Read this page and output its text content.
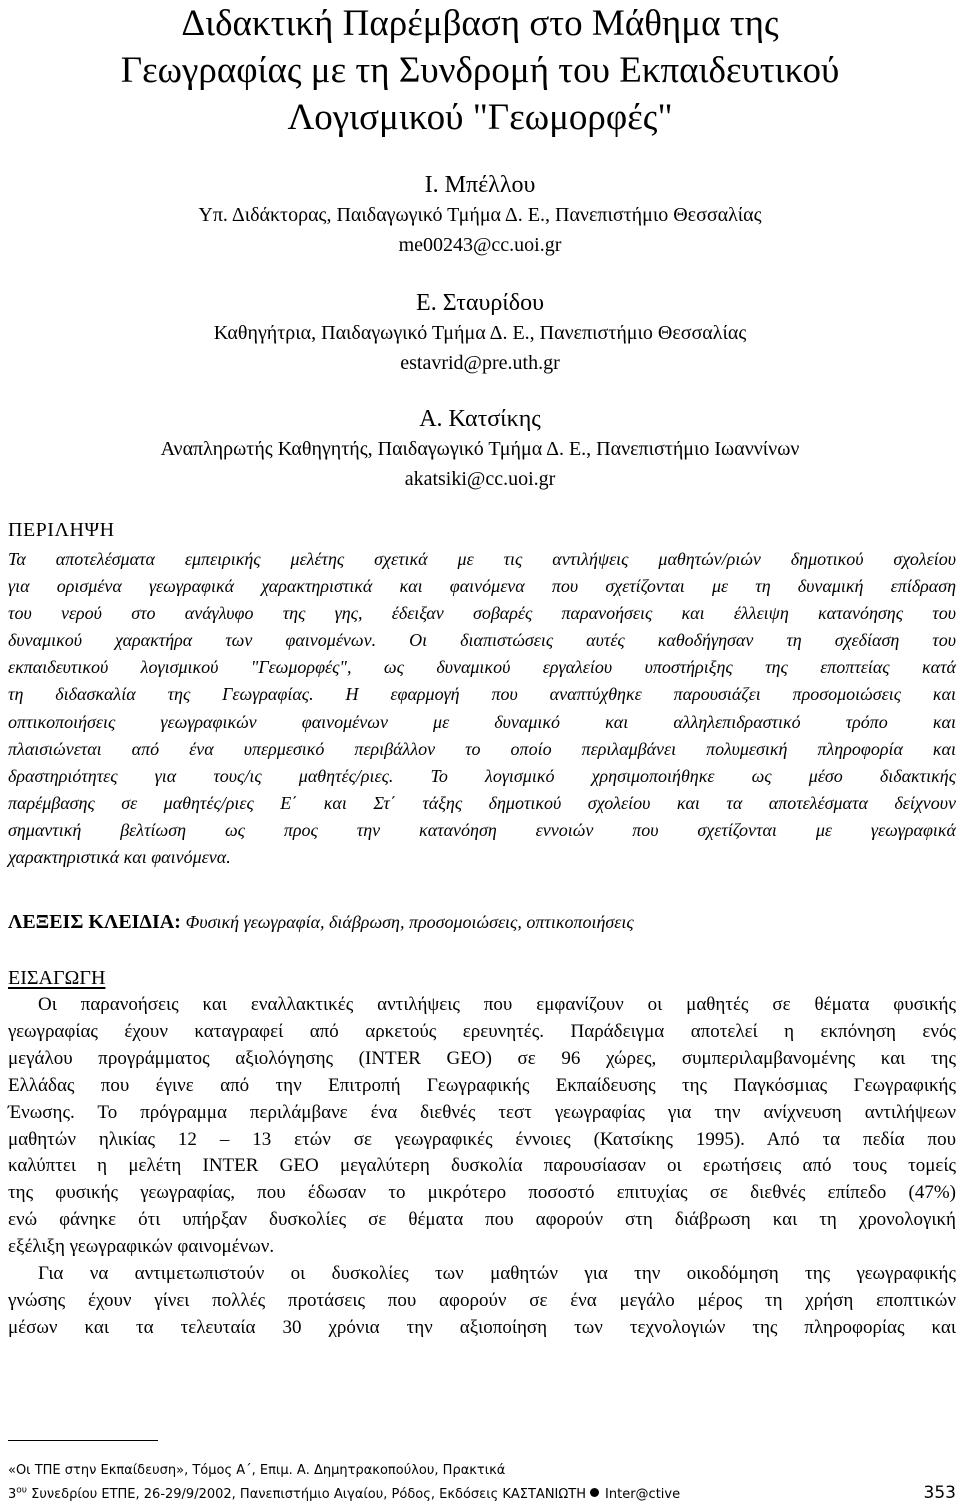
Διδακτική Παρέμβαση στο Μάθημα της
Γεωγραφίας με τη Συνδρομή του Εκπαιδευτικού
Λογισμικού "Γεωμορφές"
Ι. Μπέλλου
Υπ. Διδάκτορας, Παιδαγωγικό Τμήμα Δ. Ε., Πανεπιστήμιο Θεσσαλίας
me00243@cc.uoi.gr
Ε. Σταυρίδου
Καθηγήτρια, Παιδαγωγικό Τμήμα Δ. Ε., Πανεπιστήμιο Θεσσαλίας
estavrid@pre.uth.gr
Α. Κατσίκης
Αναπληρωτής Καθηγητής, Παιδαγωγικό Τμήμα Δ. Ε., Πανεπιστήμιο Ιωαννίνων
akatsiki@cc.uoi.gr
ΠΕΡΙΛΗΨΗ

Τα αποτελέσματα εμπειρικής μελέτης σχετικά με τις αντιλήψεις μαθητών/ριών δημοτικού σχολείου
για ορισμένα γεωγραφικά χαρακτηριστικά και φαινόμενα που σχετίζονται με τη δυναμική επίδραση
του νερού στο ανάγλυφο της γης, έδειξαν σοβαρές παρανοήσεις και έλλειψη κατανόησης του
δυναμικού χαρακτήρα των φαινομένων. Οι διαπιστώσεις αυτές καθοδήγησαν τη σχεδίαση του
εκπαιδευτικού λογισμικού "Γεωμορφές", ως δυναμικού εργαλείου υποστήριξης της εποπτείας κατά
τη διδασκαλία της Γεωγραφίας. Η εφαρμογή που αναπτύχθηκε παρουσιάζει προσομοιώσεις και
οπτικοποιήσεις γεωγραφικών φαινομένων με δυναμικό και αλληλεπιδραστικό τρόπο και
πλαισιώνεται από ένα υπερμεσικό περιβάλλον το οποίο περιλαμβάνει πολυμεσική πληροφορία και
δραστηριότητες για τους/ις μαθητές/ριες. Το λογισμικό χρησιμοποιήθηκε ως μέσο διδακτικής
παρέμβασης σε μαθητές/ριες Ε΄ και Στ΄ τάξης δημοτικού σχολείου και τα αποτελέσματα δείχνουν
σημαντική βελτίωση ως προς την κατανόηση εννοιών που σχετίζονται με γεωγραφικά
χαρακτηριστικά και φαινόμενα.

ΛΕΞΕΙΣ ΚΛΕΙΔΙΑ: Φυσική γεωγραφία, διάβρωση, προσομοιώσεις, οπτικοποιήσεις

ΕΙΣΑΓΩΓΗ

Οι παρανοήσεις και εναλλακτικές αντιλήψεις που εμφανίζουν οι μαθητές σε θέματα φυσικής
γεωγραφίας έχουν καταγραφεί από αρκετούς ερευνητές. Παράδειγμα αποτελεί η εκπόνηση ενός
μεγάλου προγράμματος αξιολόγησης (INTER GEO) σε 96 χώρες, συμπεριλαμβανομένης και της
Ελλάδας που έγινε από την Επιτροπή Γεωγραφικής Εκπαίδευσης της Παγκόσμιας Γεωγραφικής
Ένωσης. Το πρόγραμμα περιλάμβανε ένα διεθνές τεστ γεωγραφίας για την ανίχνευση αντιλήψεων
μαθητών ηλικίας 12 – 13 ετών σε γεωγραφικές έννοιες (Κατσίκης 1995). Από τα πεδία που
καλύπτει η μελέτη INTER GEO μεγαλύτερη δυσκολία παρουσίασαν οι ερωτήσεις από τους τομείς
της φυσικής γεωγραφίας, που έδωσαν το μικρότερο ποσοστό επιτυχίας σε διεθνές επίπεδο (47%)
ενώ φάνηκε ότι υπήρξαν δυσκολίες σε θέματα που αφορούν στη διάβρωση και τη χρονολογική
εξέλιξη γεωγραφικών φαινομένων.
Για να αντιμετωπιστούν οι δυσκολίες των μαθητών για την οικοδόμηση της γεωγραφικής
γνώσης έχουν γίνει πολλές προτάσεις που αφορούν σε ένα μεγάλο μέρος τη χρήση εποπτικών
μέσων και τα τελευταία 30 χρόνια την αξιοποίηση των τεχνολογιών της πληροφορίας και

«Οι ΤΠΕ στην Εκπαίδευση», Τόμος Α΄, Επιμ. Α. Δημητρακοπούλου, Πρακτικά
$3^{o\upsilon}$ Συνεδρίου ΕΤΠΕ, 26-29/9/2002, Πανεπιστήμιο Αιγαίου, Ρόδος, Εκδόσεις ΚΑΣΤΑΝΙΩΤΗ Inter@ctive	353
